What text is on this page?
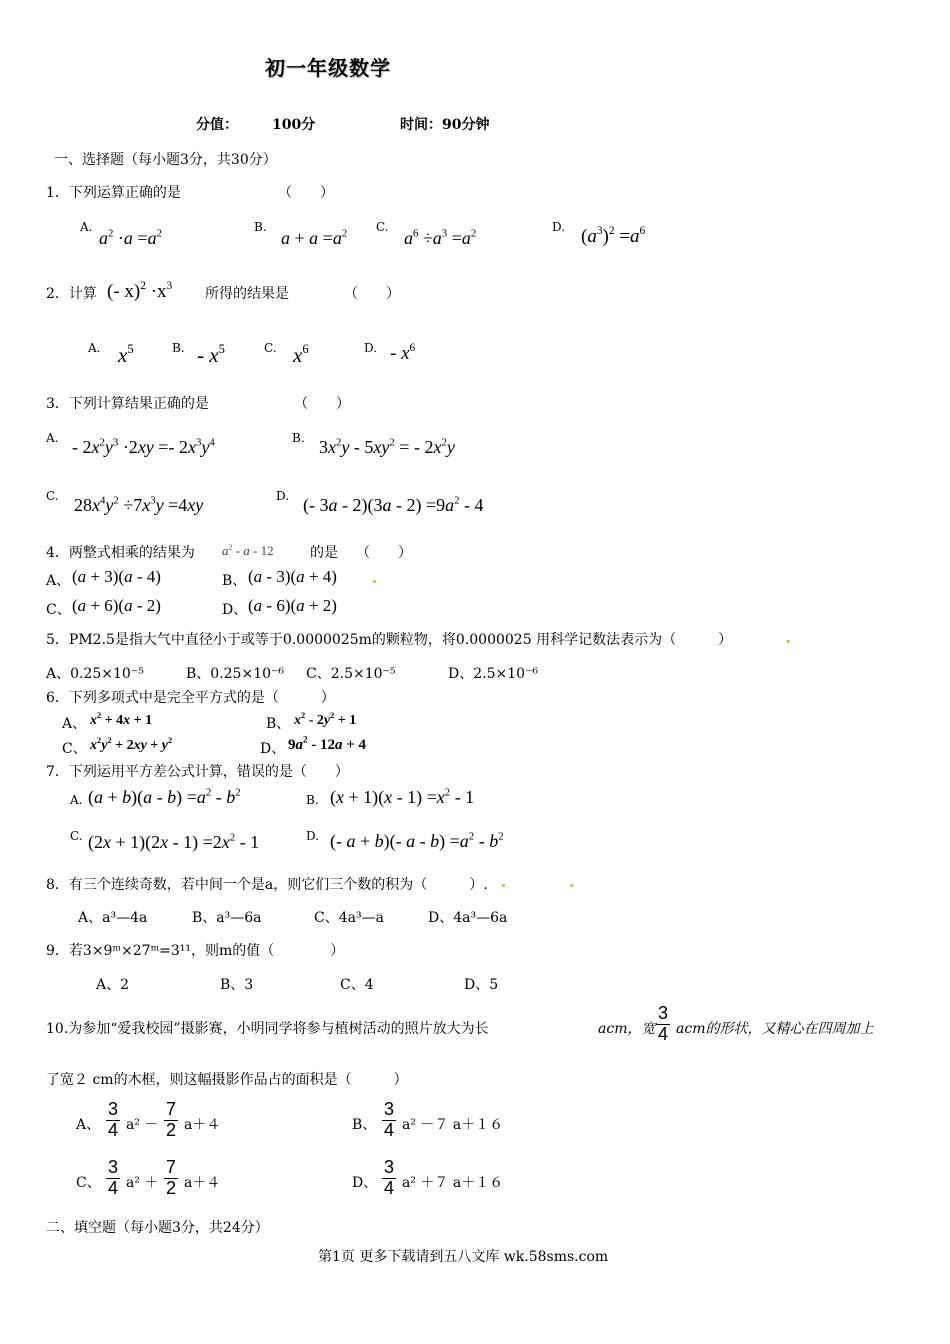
初一年级数学
分值： 100分	时间：90分钟
一、选择题（每小题3分，共30分）
1．下列运算正确的是	（　　）
A.
$a^2 \cdot a =a^2$	B.
$a + a =a^2$ C.
$a^6 \div a^3 =a^2$	D. $(a^3)^2 =a^6$
2．计算 (- $x)^2 \cdot x^3$ 所得的结果是	（　　）
A. $x^5$	B. - $x^5$	C. $x^6$	D. - $x^6$
3．下列计算结果正确的是	（　　）
A. - $2x^2y^3 \cdot 2xy =- 2x^3y^4$	B. $3x^2y - 5xy^2$ = - $2x^2y$
C. $28x^4y^2 \div 7x^3y =4xy$	D. (- $3a - 2)(3a - 2) =9a^2 - 4$
4．两整式相乘的结果为 $a^2$ - a - 12	的是 （　　）
A、 (a + 3)(a - 4)	B、 (a - 3)(a + 4)
C、 (a + 6)(a - 2)	D、 (a - 6)(a + 2)
5．PM2.5是指大气中直径小于或等于0.0000025m的颗粒物，将0.0000025 用科学记数法表示为（　　　）
A、0.25×10⁻⁵	B、0.25×10⁻⁶ C、2.5×10⁻⁵	D、2.5×10⁻⁶
6．下列多项式中是完全平方式的是（　　　）
A、 $x^2 + 4x + 1$	B、 $x^2 - 2y^2 + 1$
C、 $x^2y^2 + 2xy + y^2$
D、 $9a^2 - 12a + 4$
7．下列运用平方差公式计算，错误的是（　　）
A. $(a + b)(a - b) =a^2 - b^2$
B. $(x + 1)(x - 1) =x^2 - 1$
C. $(2x + 1)(2x - 1) =2x^2 - 1$	D. (- a + b)(- $a - b) =a^2 - b^2$
8．有三个连续奇数，若中间一个是a，则它们三个数的积为（　　　）.
A、a³—4a	B、a³—6a	C、4a³—a	D、4a³—6a
9．若3×9ᵐ×27ᵐ=3¹¹，则m的值（　　　　）
A、2	B、3	C、4	D、5
10.为参加“爱我校园”摄影赛，小明同学将参与植树活动的照片放大为长	acm，宽 $\frac{3}{4}$ acm的形状，又精心在四周加上
了宽２ cm的木框，则这幅摄影作品占的面积是（　　　）
A、 $\frac{3}{4} a^2 - \frac{7}{2} a+4$	B、 $\frac{3}{4} a^2 -7$ a＋１６
C、 $\frac{3}{4} a^2 + \frac{7}{2} a+4$	D、 $\frac{3}{4} a^2 +7$ a＋１６
二、填空题（每小题3分，共24分）
第1页 更多下载请到五八文库 wk.58sms.com
